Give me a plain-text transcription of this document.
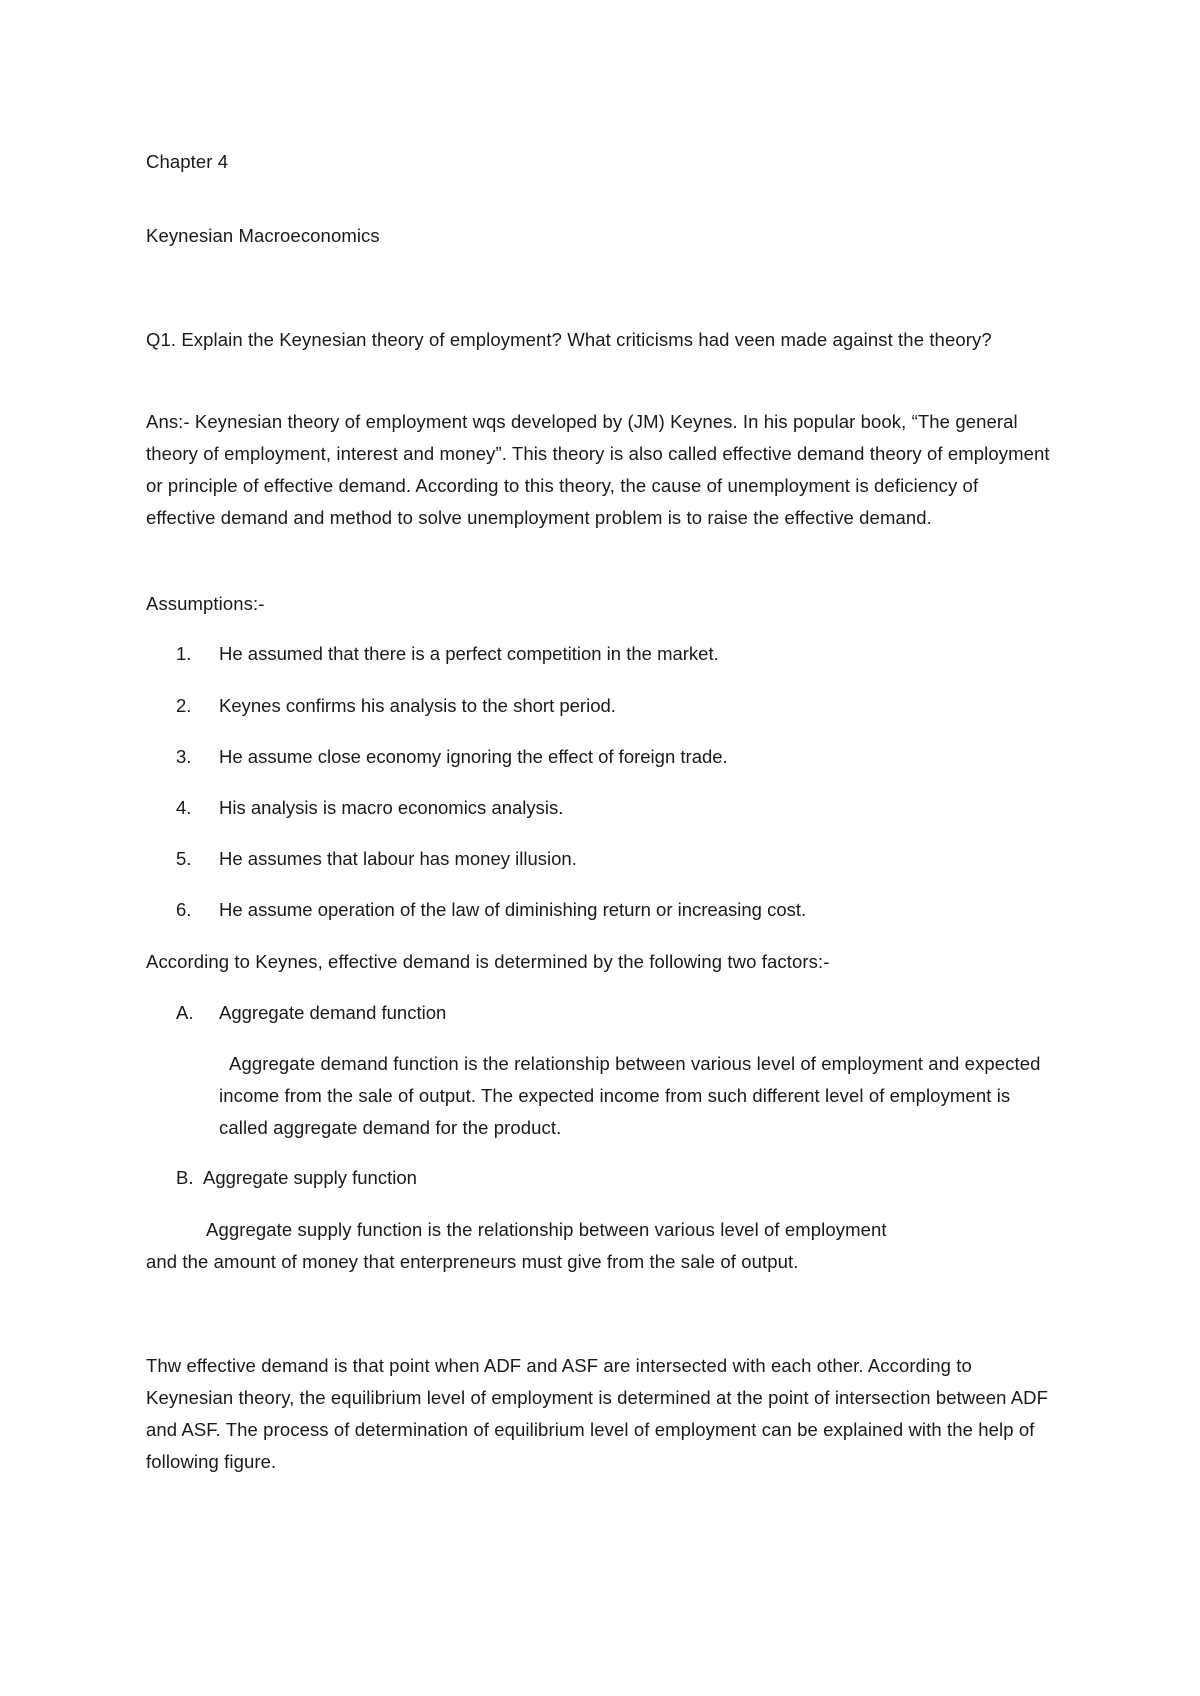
Chapter 4
Keynesian Macroeconomics
Q1. Explain the Keynesian theory of employment? What criticisms had veen made against the theory?
Ans:- Keynesian theory of employment wqs developed by (JM) Keynes. In his popular book, “The general theory of employment, interest and money”. This theory is also called effective demand theory of employment or principle of effective demand. According to this theory, the cause of unemployment is deficiency of effective demand and method to solve unemployment problem is to raise the effective demand.
Assumptions:-
1.	He assumed that there is a perfect competition in the market.
2.	Keynes confirms his analysis to the short period.
3.	He assume close economy ignoring the effect of foreign trade.
4.	His analysis is macro economics analysis.
5.	He assumes that labour has money illusion.
6.	He assume operation of the law of diminishing return or increasing cost.
According to Keynes, effective demand is determined by the following two factors:-
A.	Aggregate demand function
Aggregate demand function is the relationship between various level of employment and expected income from the sale of output. The expected income from such different level of employment is called aggregate demand for the product.
B. Aggregate supply function
Aggregate supply function is the relationship between various level of employment
and the amount of money that enterpreneurs must give from the sale of output.
Thw effective demand is that point when ADF and ASF are intersected with each other. According to Keynesian theory, the equilibrium level of employment is determined at the point of intersection between ADF and ASF. The process of determination of equilibrium level of employment can be explained with the help of following figure.
